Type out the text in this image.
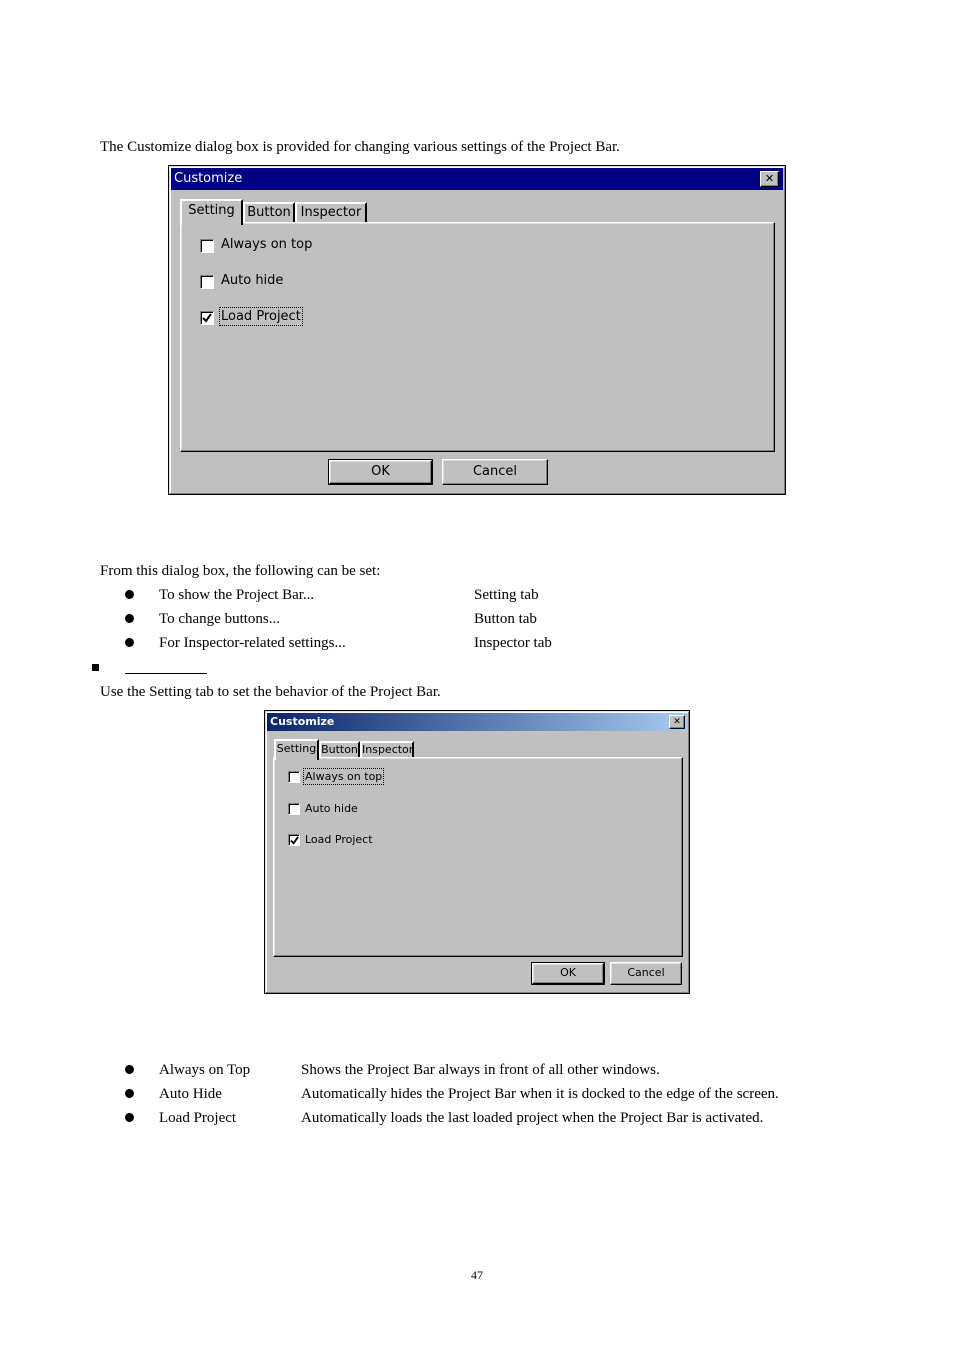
The Customize dialog box is provided for changing various settings of the Project Bar.
Customize	✕
Setting Button Inspector
Always on top
Auto hide
Load Project
OK	Cancel
From this dialog box, the following can be set:
To show the Project Bar...	Setting tab
To change buttons...	Button tab
For Inspector-related settings...	Inspector tab
Use the Setting tab to set the behavior of the Project Bar.
Customize	✕
Setting Button Inspector
Always on top
Auto hide
Load Project
OK	Cancel
Always on Top	Shows the Project Bar always in front of all other windows.
Auto Hide	Automatically hides the Project Bar when it is docked to the edge of the screen.
Load Project	Automatically loads the last loaded project when the Project Bar is activated.
47
